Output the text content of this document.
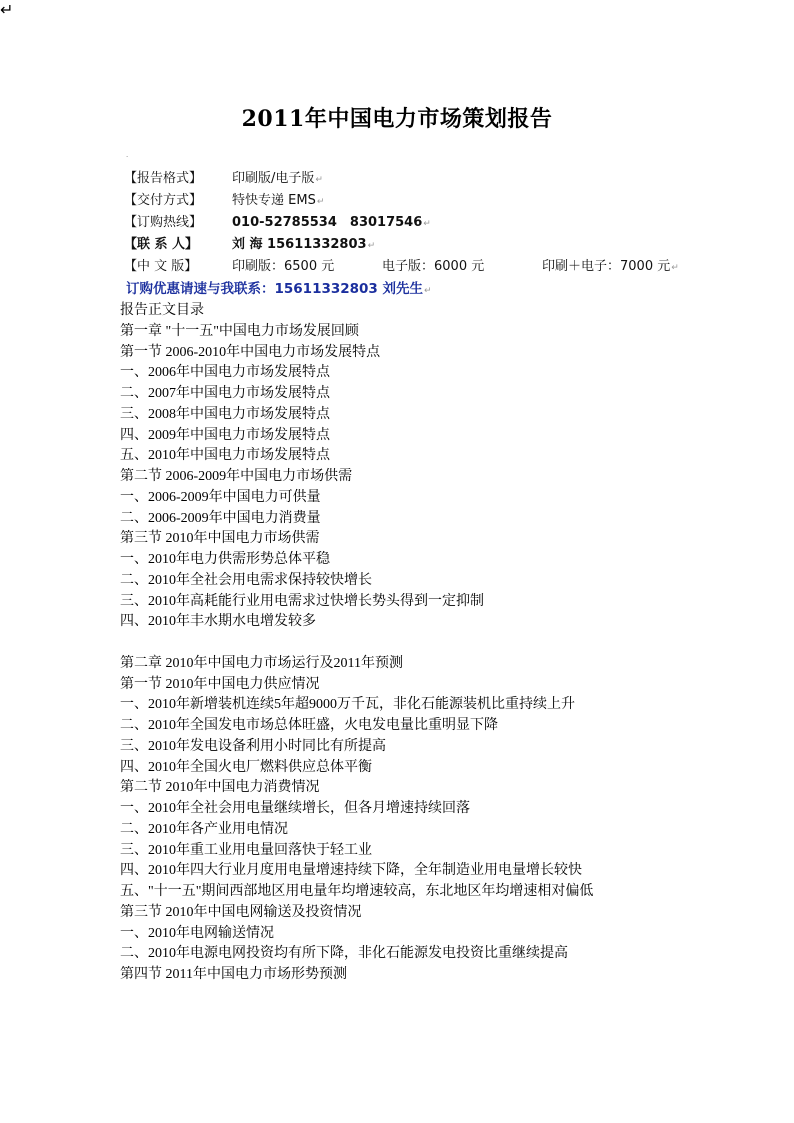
2011年中国电力市场策划报告
.
【报告格式】 印刷版/电子版↵
【交付方式】 特快专递 EMS↵
【订购热线】 010-52785534　83017546↵
【联 系 人】	刘 海 15611332803↵
【中 文 版】	印刷版：6500 元	电子版：6000 元	印刷＋电子：7000 元↵
订购优惠请速与我联系：15611332803 刘先生↵
↵
报告正文目录
第一章 "十一五"中国电力市场发展回顾
第一节 2006-2010年中国电力市场发展特点
一、2006年中国电力市场发展特点
二、2007年中国电力市场发展特点
三、2008年中国电力市场发展特点
四、2009年中国电力市场发展特点
五、2010年中国电力市场发展特点
第二节 2006-2009年中国电力市场供需
一、2006-2009年中国电力可供量
二、2006-2009年中国电力消费量
第三节 2010年中国电力市场供需
一、2010年电力供需形势总体平稳
二、2010年全社会用电需求保持较快增长
三、2010年高耗能行业用电需求过快增长势头得到一定抑制
四、2010年丰水期水电增发较多
第二章 2010年中国电力市场运行及2011年预测
第一节 2010年中国电力供应情况
一、2010年新增装机连续5年超9000万千瓦，非化石能源装机比重持续上升
二、2010年全国发电市场总体旺盛，火电发电量比重明显下降
三、2010年发电设备利用小时同比有所提高
四、2010年全国火电厂燃料供应总体平衡
第二节 2010年中国电力消费情况
一、2010年全社会用电量继续增长，但各月增速持续回落
二、2010年各产业用电情况
三、2010年重工业用电量回落快于轻工业
四、2010年四大行业月度用电量增速持续下降，全年制造业用电量增长较快
五、"十一五"期间西部地区用电量年均增速较高，东北地区年均增速相对偏低
第三节 2010年中国电网输送及投资情况
一、2010年电网输送情况
二、2010年电源电网投资均有所下降，非化石能源发电投资比重继续提高
第四节 2011年中国电力市场形势预测
